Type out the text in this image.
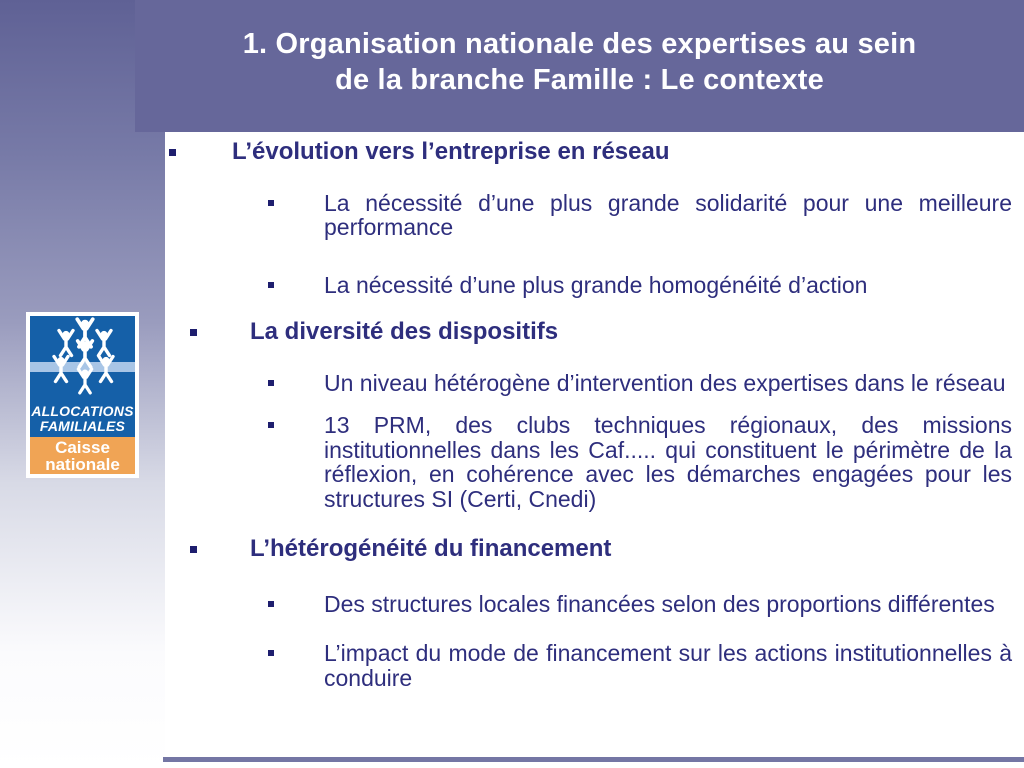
1. Organisation nationale des expertises au sein
de la branche Famille : Le contexte
L’évolution vers l’entreprise en réseau
La nécessité d’une plus grande solidarité pour une meilleure performance
La nécessité d’une plus grande homogénéité d’action
La diversité des dispositifs
Un niveau hétérogène d’intervention des expertises dans le réseau
13 PRM, des clubs techniques régionaux, des missions institutionnelles dans les Caf..... qui constituent le périmètre de la réflexion, en cohérence avec les démarches engagées pour les structures SI (Certi, Cnedi)
L’hétérogénéité du financement
Des structures locales financées selon des proportions différentes
L’impact du mode de financement sur les actions institutionnelles à conduire
ALLOCATIONS
FAMILIALES
Caisse
nationale
